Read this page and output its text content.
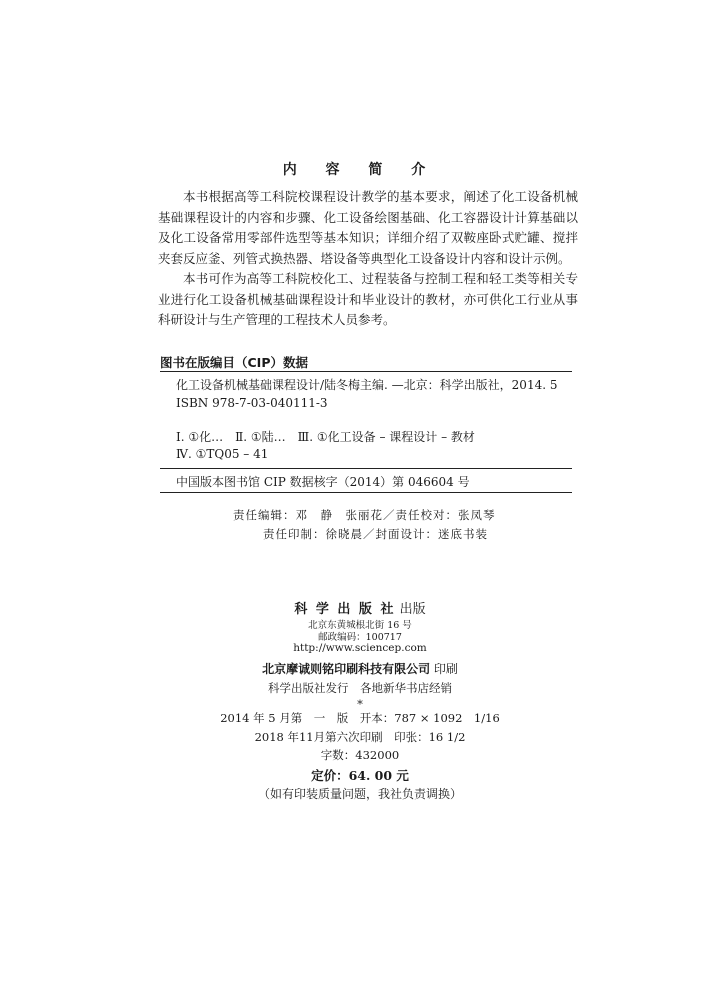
内 容 简 介

本书根据高等工科院校课程设计教学的基本要求，阐述了化工设备机械基础课程设计的内容和步骤、化工设备绘图基础、化工容器设计计算基础以及化工设备常用零部件选型等基本知识；详细介绍了双鞍座卧式贮罐、搅拌夹套反应釜、列管式换热器、塔设备等典型化工设备设计内容和设计示例。

本书可作为高等工科院校化工、过程装备与控制工程和轻工类等相关专业进行化工设备机械基础课程设计和毕业设计的教材，亦可供化工行业从事科研设计与生产管理的工程技术人员参考。

图书在版编目（CIP）数据
化工设备机械基础课程设计/陆冬梅主编. —北京：科学出版社，2014. 5
ISBN 978-7-03-040111-3
Ⅰ. ①化…　Ⅱ. ①陆…　Ⅲ. ①化工设备 – 课程设计 – 教材
Ⅳ. ①TQ05 – 41
中国版本图书馆 CIP 数据核字（2014）第 046604 号
责任编辑：邓　静　张丽花／责任校对：张凤琴
责任印制：徐晓晨／封面设计：迷底书装
科 学 出 版 社 出版
北京东黄城根北街 16 号
邮政编码：100717
http://www.sciencep.com
北京摩诚则铭印刷科技有限公司 印刷
科学出版社发行　各地新华书店经销
*
2014 年 5 月第　一　版　开本：787 × 1092　1/16
2018 年11月第六次印刷　印张：16 1/2
字数：432000
定价：64. 00 元
（如有印装质量问题，我社负责调换）
